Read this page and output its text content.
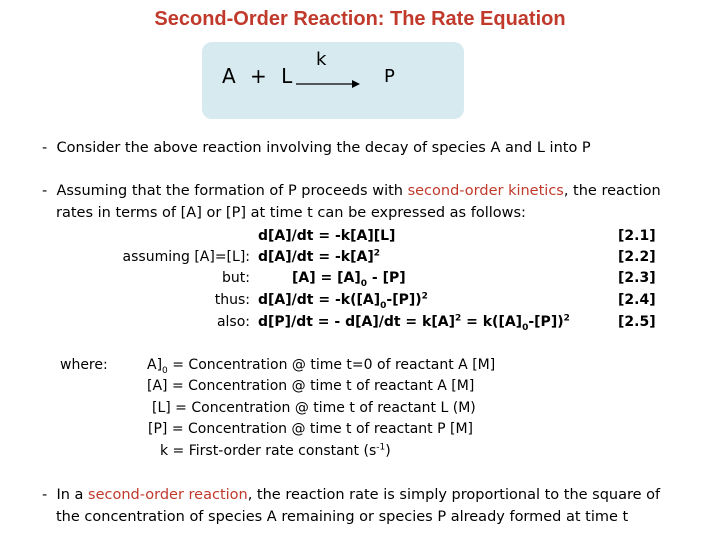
Second-Order Reaction: The Rate Equation
A + L
k
P
- Consider the above reaction involving the decay of species A and L into P
- Assuming that the formation of P proceeds with second-order kinetics, the reaction
rates in terms of [A] or [P] at time t can be expressed as follows:
d[A]/dt = -k[A][L]	[2.1]
assuming [A]=[L]: $d[A]/dt = -k[A]^2$	[2.2]
but:	$[A] = [A]_0 - [P]$	[2.3]
thus: $d[A]/dt = -k([A]_0-[P])^2$	[2.4]
also: d[P]/dt = - $d[A]/dt = k[A]^2 = k([A]_0-[P])^2$	[2.5]
where:	$A]_0$ = Concentration @ time t=0 of reactant A [M]
[A] = Concentration @ time t of reactant A [M]
[L] = Concentration @ time t of reactant L (M)
[P] = Concentration @ time t of reactant P [M]
k = First-order rate constant $(s^{-1})$
- In a second-order reaction, the reaction rate is simply proportional to the square of
the concentration of species A remaining or species P already formed at time t
